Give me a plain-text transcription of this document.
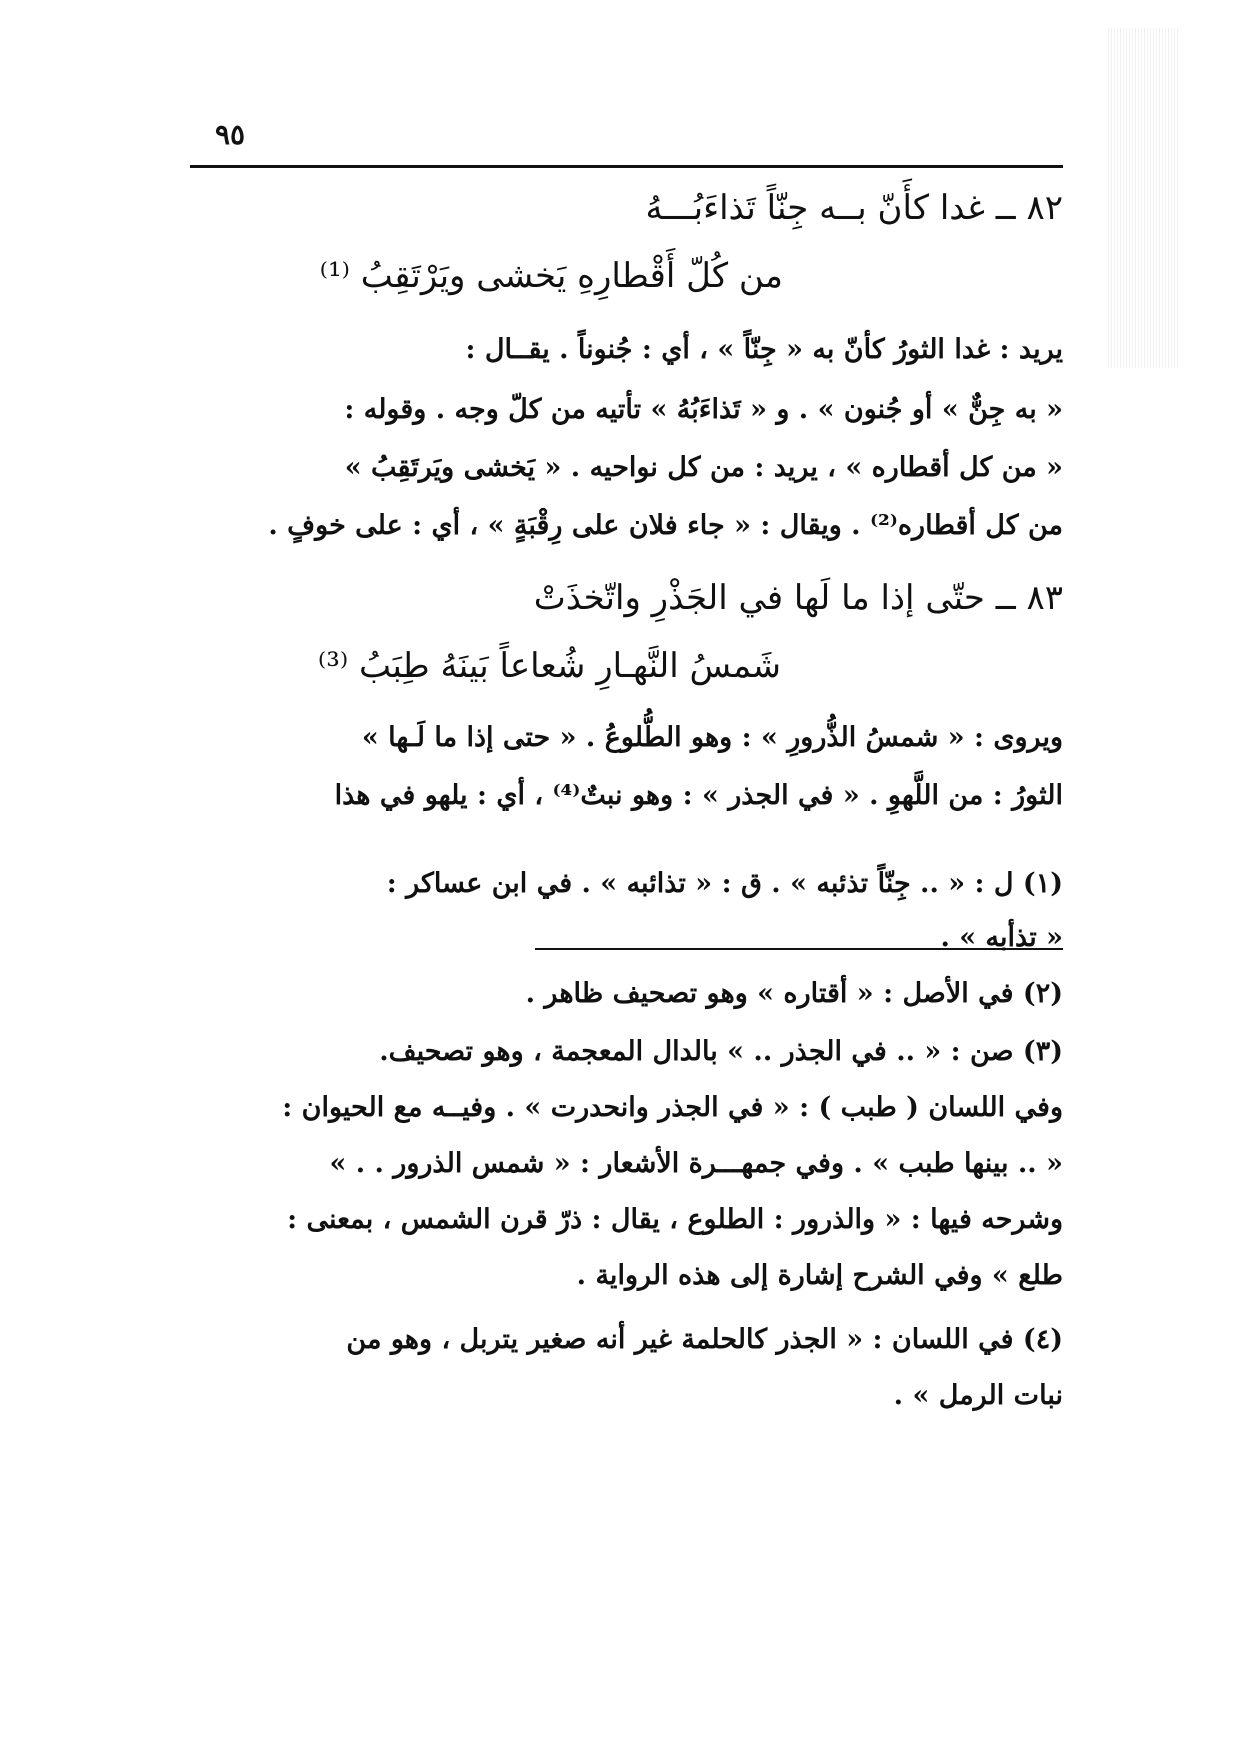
٩٥
٨٢ ــ غدا كأَنّ بــه جِنّاً تَذاءَبُـــهُ
من كُلّ أَقْطارِهِ يَخشى ويَرْتَقِبُ ⁽¹⁾
يريد : غدا الثورُ كأنّ به « جِنّاً » ، أي : جُنوناً . يقــال :
« به جِنٌّ » أو جُنون » . و « تَذاءَبُهُ » تأتيه من كلّ وجه . وقوله :
« من كل أقطاره » ، يريد : من كل نواحيه . « يَخشى ويَرتَقِبُ »
من كل أقطاره⁽²⁾ . ويقال : « جاء فلان على رِقْبَةٍ » ، أي : على خوفٍ .
٨٣ ــ حتّى إذا ما لَها في الجَذْرِ واتّخذَتْ
شَمسُ النَّهـارِ شُعاعاً بَينَهُ طِبَبُ ⁽³⁾
ويروى : « شمسُ الذُّرورِ » : وهو الطُّلوعُ . « حتى إذا ما لَـها »
الثورُ : من اللَّهوِ . « في الجذر » : وهو نبتٌ⁽⁴⁾ ، أي : يلهو في هذا
(١) ل : « .. جِنّاً تذئبه » . ق : « تذائبه » . في ابن عساكر :
« تذأبه » .
(٢) في الأصل : « أقتاره » وهو تصحيف ظاهر .
(٣) صن : « .. في الجذر .. » بالدال المعجمة ، وهو تصحيف.
وفي اللسان ( طبب ) : « في الجذر وانحدرت » . وفيــه مع الحيوان :
« .. بينها طبب » . وفي جمهـــرة الأشعار : « شمس الذرور . . »
وشرحه فيها : « والذرور : الطلوع ، يقال : ذرّ قرن الشمس ، بمعنى :
طلع » وفي الشرح إشارة إلى هذه الرواية .
(٤) في اللسان : « الجذر كالحلمة غير أنه صغير يتربل ، وهو من
نبات الرمل » .
